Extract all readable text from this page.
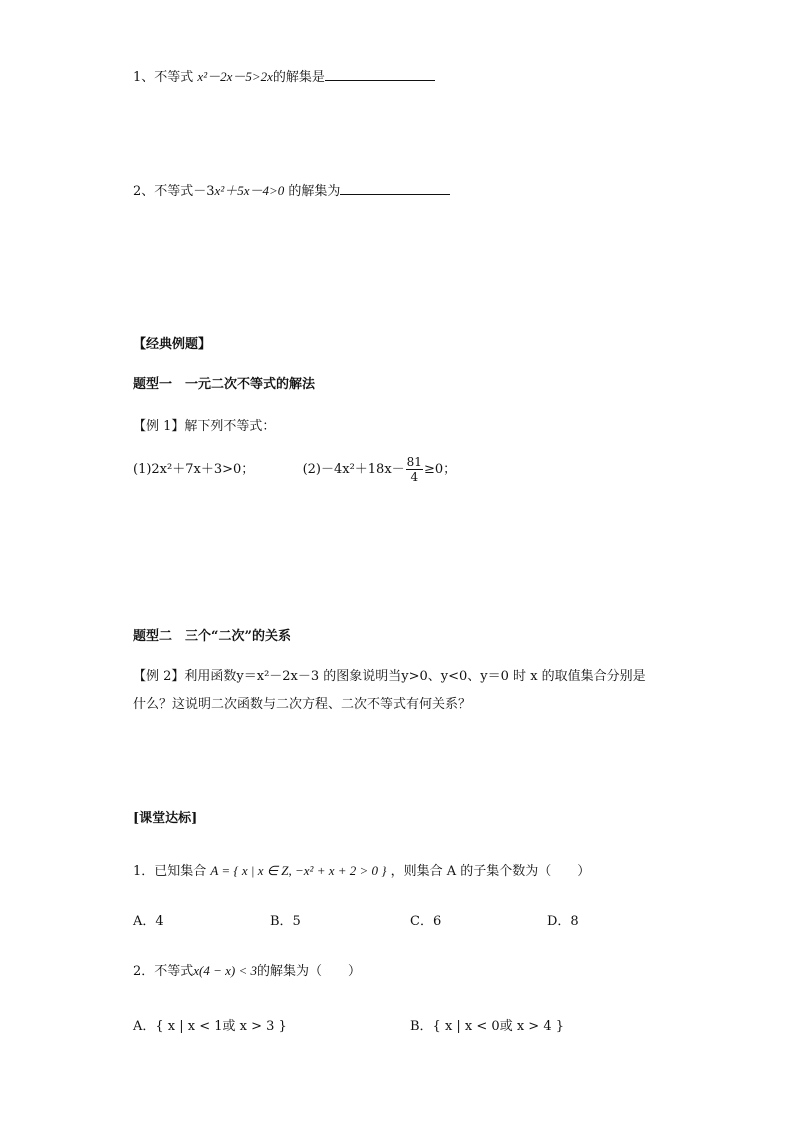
1、不等式 x²－2x－5>2x的解集是
2、不等式－3x²＋5x－4>0 的解集为
【经典例题】
题型一　一元二次不等式的解法
【例 1】解下列不等式：
(1)2x²＋7x＋3>0；	$(2)-4x^2+18x- \frac{81}{4} \ge 0$；
题型二　三个“二次”的关系
【例 2】利用函数y＝x²－2x－3 的图象说明当y>0、y<0、y＝0 时 x 的取值集合分别是
什么？这说明二次函数与二次方程、二次不等式有何关系？
[课堂达标]
1．已知集合 A = { x | x ∈ Z, −x² + x + 2 > 0 } ，则集合 A 的子集个数为（　　）
A．4	B．5	C．6	D．8
2．不等式x(4 − x) < 3的解集为（　　）
A．{ x | x < 1或 x > 3 }	B．{ x | x < 0或 x > 4 }
